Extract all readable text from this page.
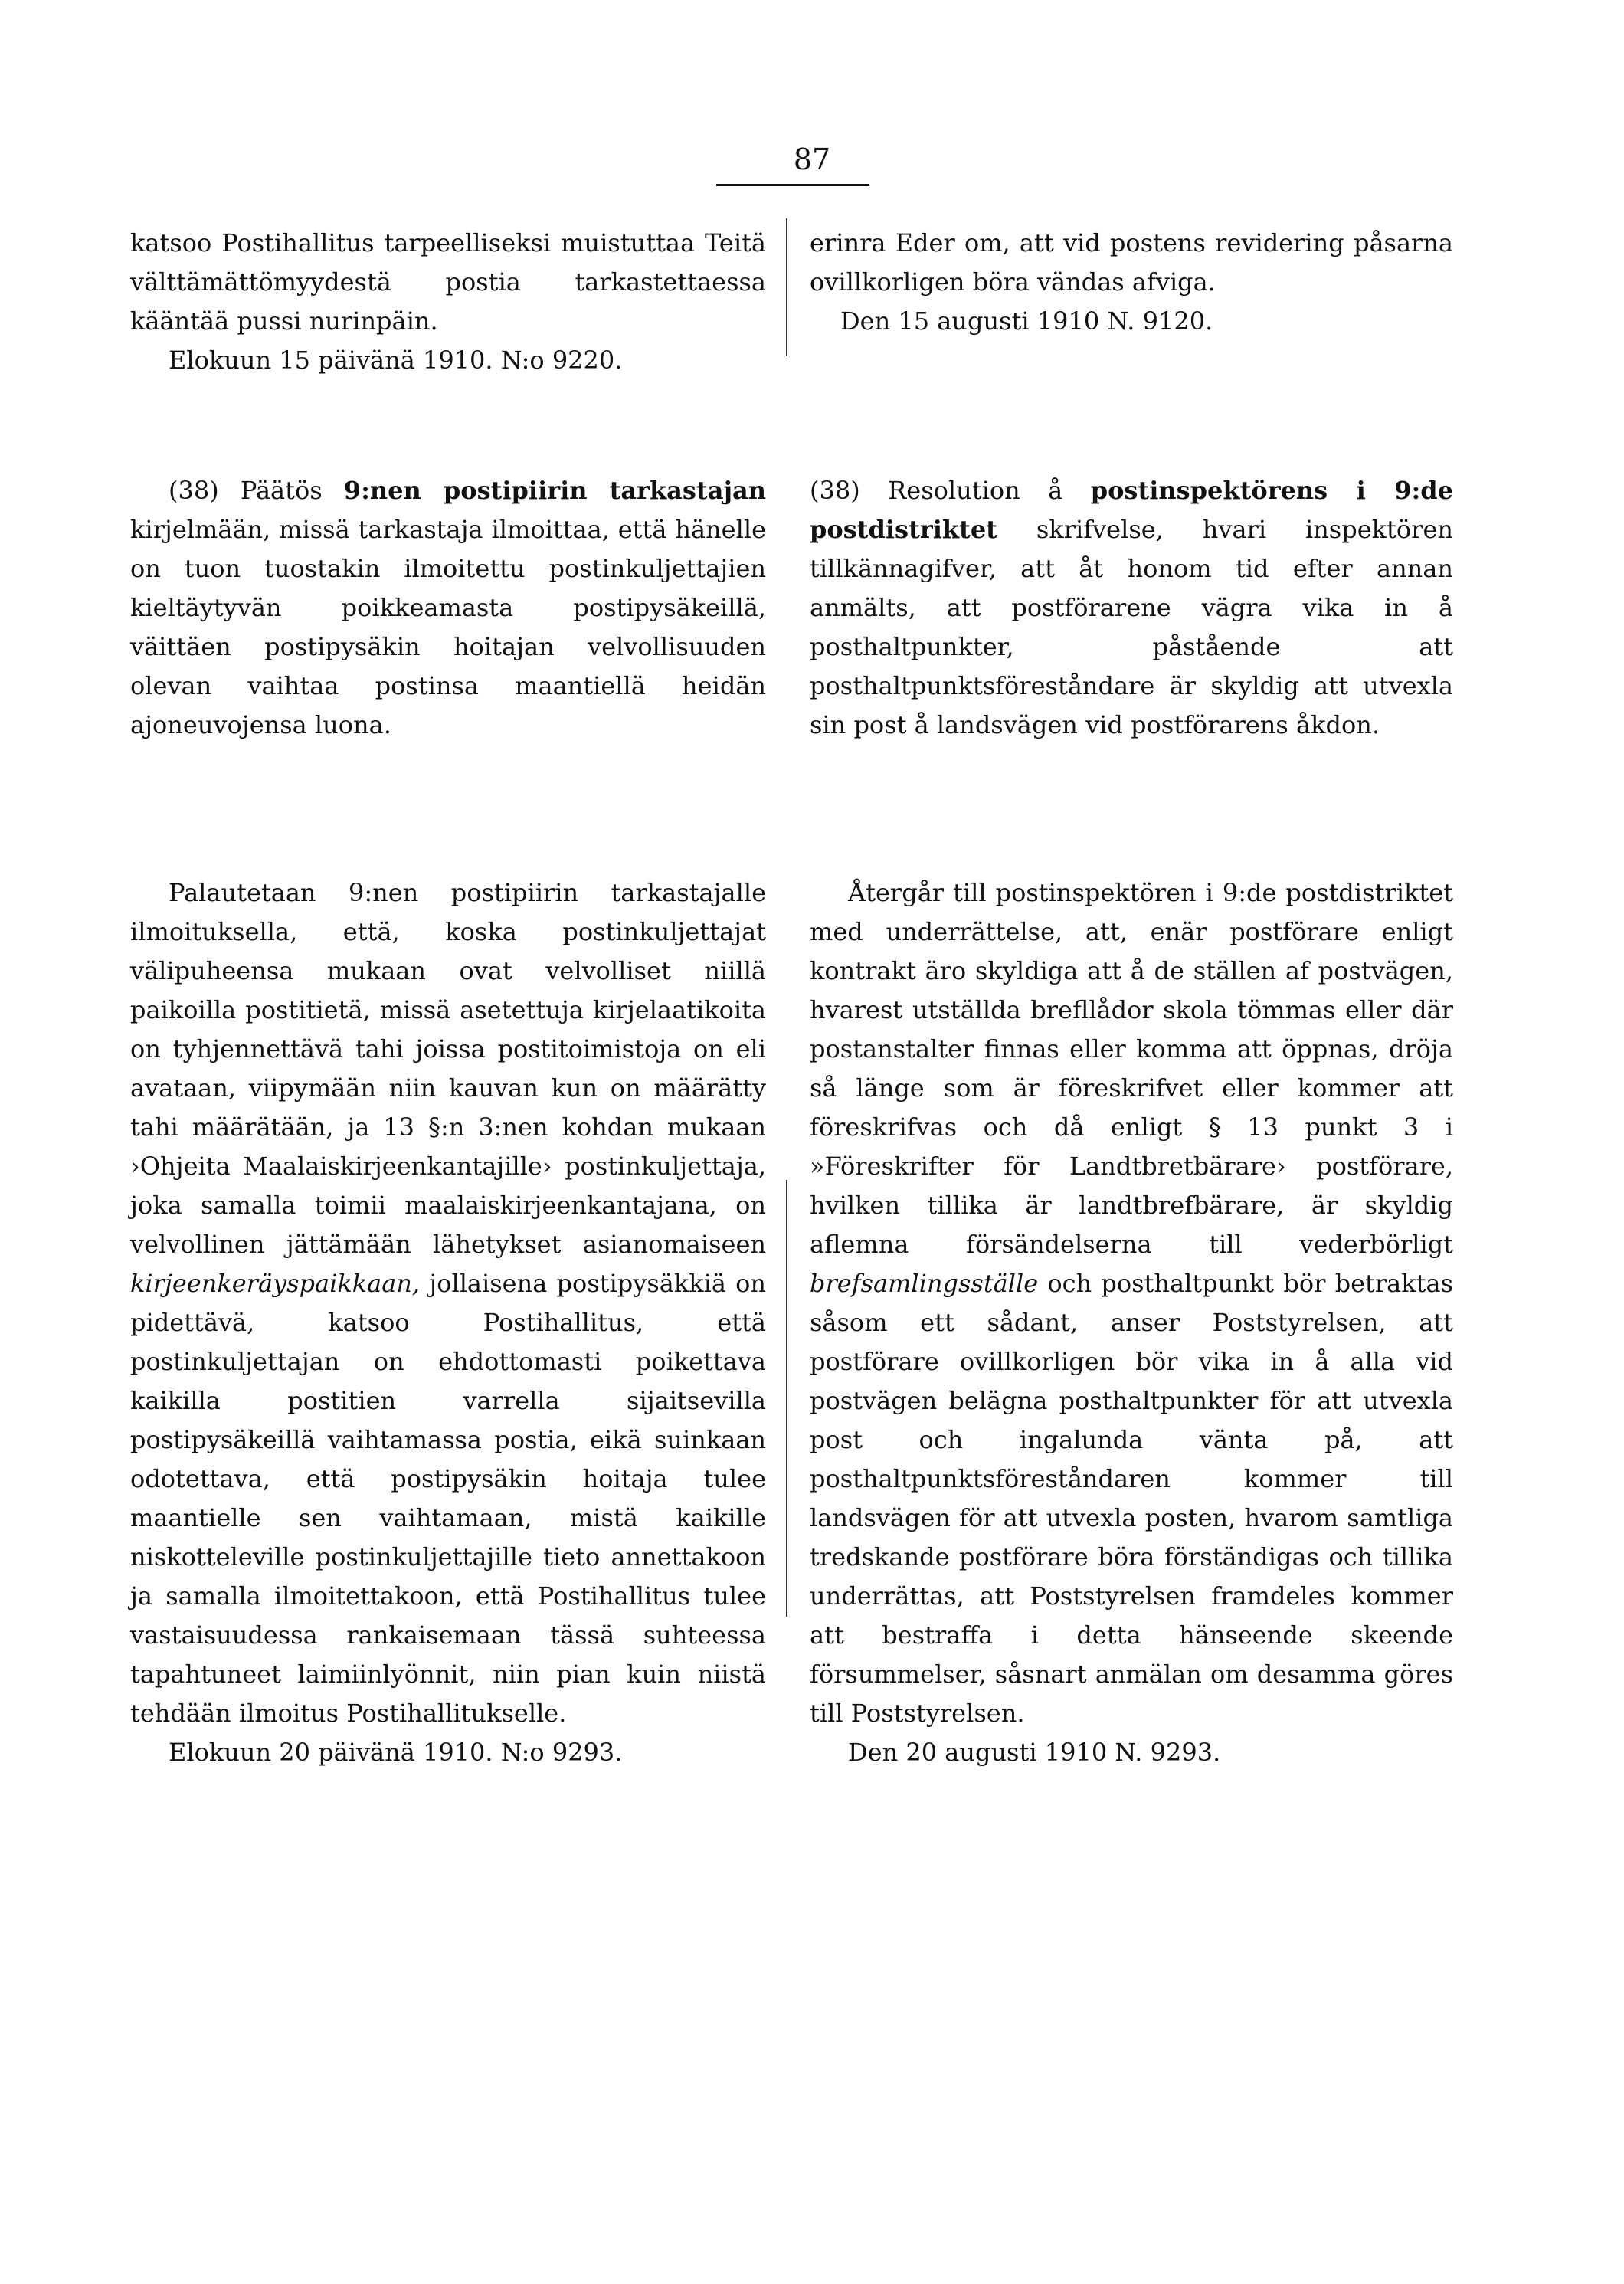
87

katsoo Postihallitus tarpeelliseksi muistuttaa Teitä välttämättömyydestä postia tarkastettaessa kääntää pussi nurinpäin.

Elokuun 15 päivänä 1910. N:o 9220.

erinra Eder om, att vid postens revidering påsarna ovillkorligen böra vändas afviga.

Den 15 augusti 1910 N. 9120.

(38) Päätös 9:nen postipiirin tarkastajan kirjelmään, missä tarkastaja ilmoittaa, että hänelle on tuon tuostakin ilmoitettu postinkuljettajien kieltäytyvän poikkeamasta postipysäkeillä, väittäen postipysäkin hoitajan velvollisuuden olevan vaihtaa postinsa maantiellä heidän ajoneuvojensa luona.

(38) Resolution å postinspektörens i 9:de postdistriktet skrifvelse, hvari inspektören tillkännagifver, att åt honom tid efter annan anmälts, att postförarene vägra vika in å posthaltpunkter, påstående att posthaltpunktsföreståndare är skyldig att utvexla sin post å landsvägen vid postförarens åkdon.

Palautetaan 9:nen postipiirin tarkastajalle ilmoituksella, että, koska postinkuljettajat välipuheensa mukaan ovat velvolliset niillä paikoilla postitietä, missä asetettuja kirjelaatikoita on tyhjennettävä tahi joissa postitoimistoja on eli avataan, viipymään niin kauvan kun on määrätty tahi määrätään, ja 13 §:n 3:nen kohdan mukaan ›Ohjeita Maalaiskirjeenkantajille› postinkuljettaja, joka samalla toimii maalaiskirjeenkantajana, on velvollinen jättämään lähetykset asianomaiseen kirjeenkeräyspaikkaan, jollaisena postipysäkkiä on pidettävä, katsoo Postihallitus, että postinkuljettajan on ehdottomasti poikettava kaikilla postitien varrella sijaitsevilla postipysäkeillä vaihtamassa postia, eikä suinkaan odotettava, että postipysäkin hoitaja tulee maantielle sen vaihtamaan, mistä kaikille niskotteleville postinkuljettajille tieto annettakoon ja samalla ilmoitettakoon, että Postihallitus tulee vastaisuudessa rankaisemaan tässä suhteessa tapahtuneet laimiinlyönnit, niin pian kuin niistä tehdään ilmoitus Postihallitukselle.

Elokuun 20 päivänä 1910. N:o 9293.

Återgår till postinspektören i 9:de postdistriktet med underrättelse, att, enär postförare enligt kontrakt äro skyldiga att å de ställen af postvägen, hvarest utställda brefllådor skola tömmas eller där postanstalter finnas eller komma att öppnas, dröja så länge som är föreskrifvet eller kommer att föreskrifvas och då enligt § 13 punkt 3 i »Föreskrifter för Landtbretbärare› postförare, hvilken tillika är landtbrefbärare, är skyldig aflemna försändelserna till vederbörligt brefsamlingsställe och posthaltpunkt bör betraktas såsom ett sådant, anser Poststyrelsen, att postförare ovillkorligen bör vika in å alla vid postvägen belägna posthaltpunkter för att utvexla post och ingalunda vänta på, att posthaltpunktsföreståndaren kommer till landsvägen för att utvexla posten, hvarom samtliga tredskande postförare böra förständigas och tillika underrättas, att Poststyrelsen framdeles kommer att bestraffa i detta hänseende skeende försummelser, såsnart anmälan om desamma göres till Poststyrelsen.

Den 20 augusti 1910 N. 9293.
